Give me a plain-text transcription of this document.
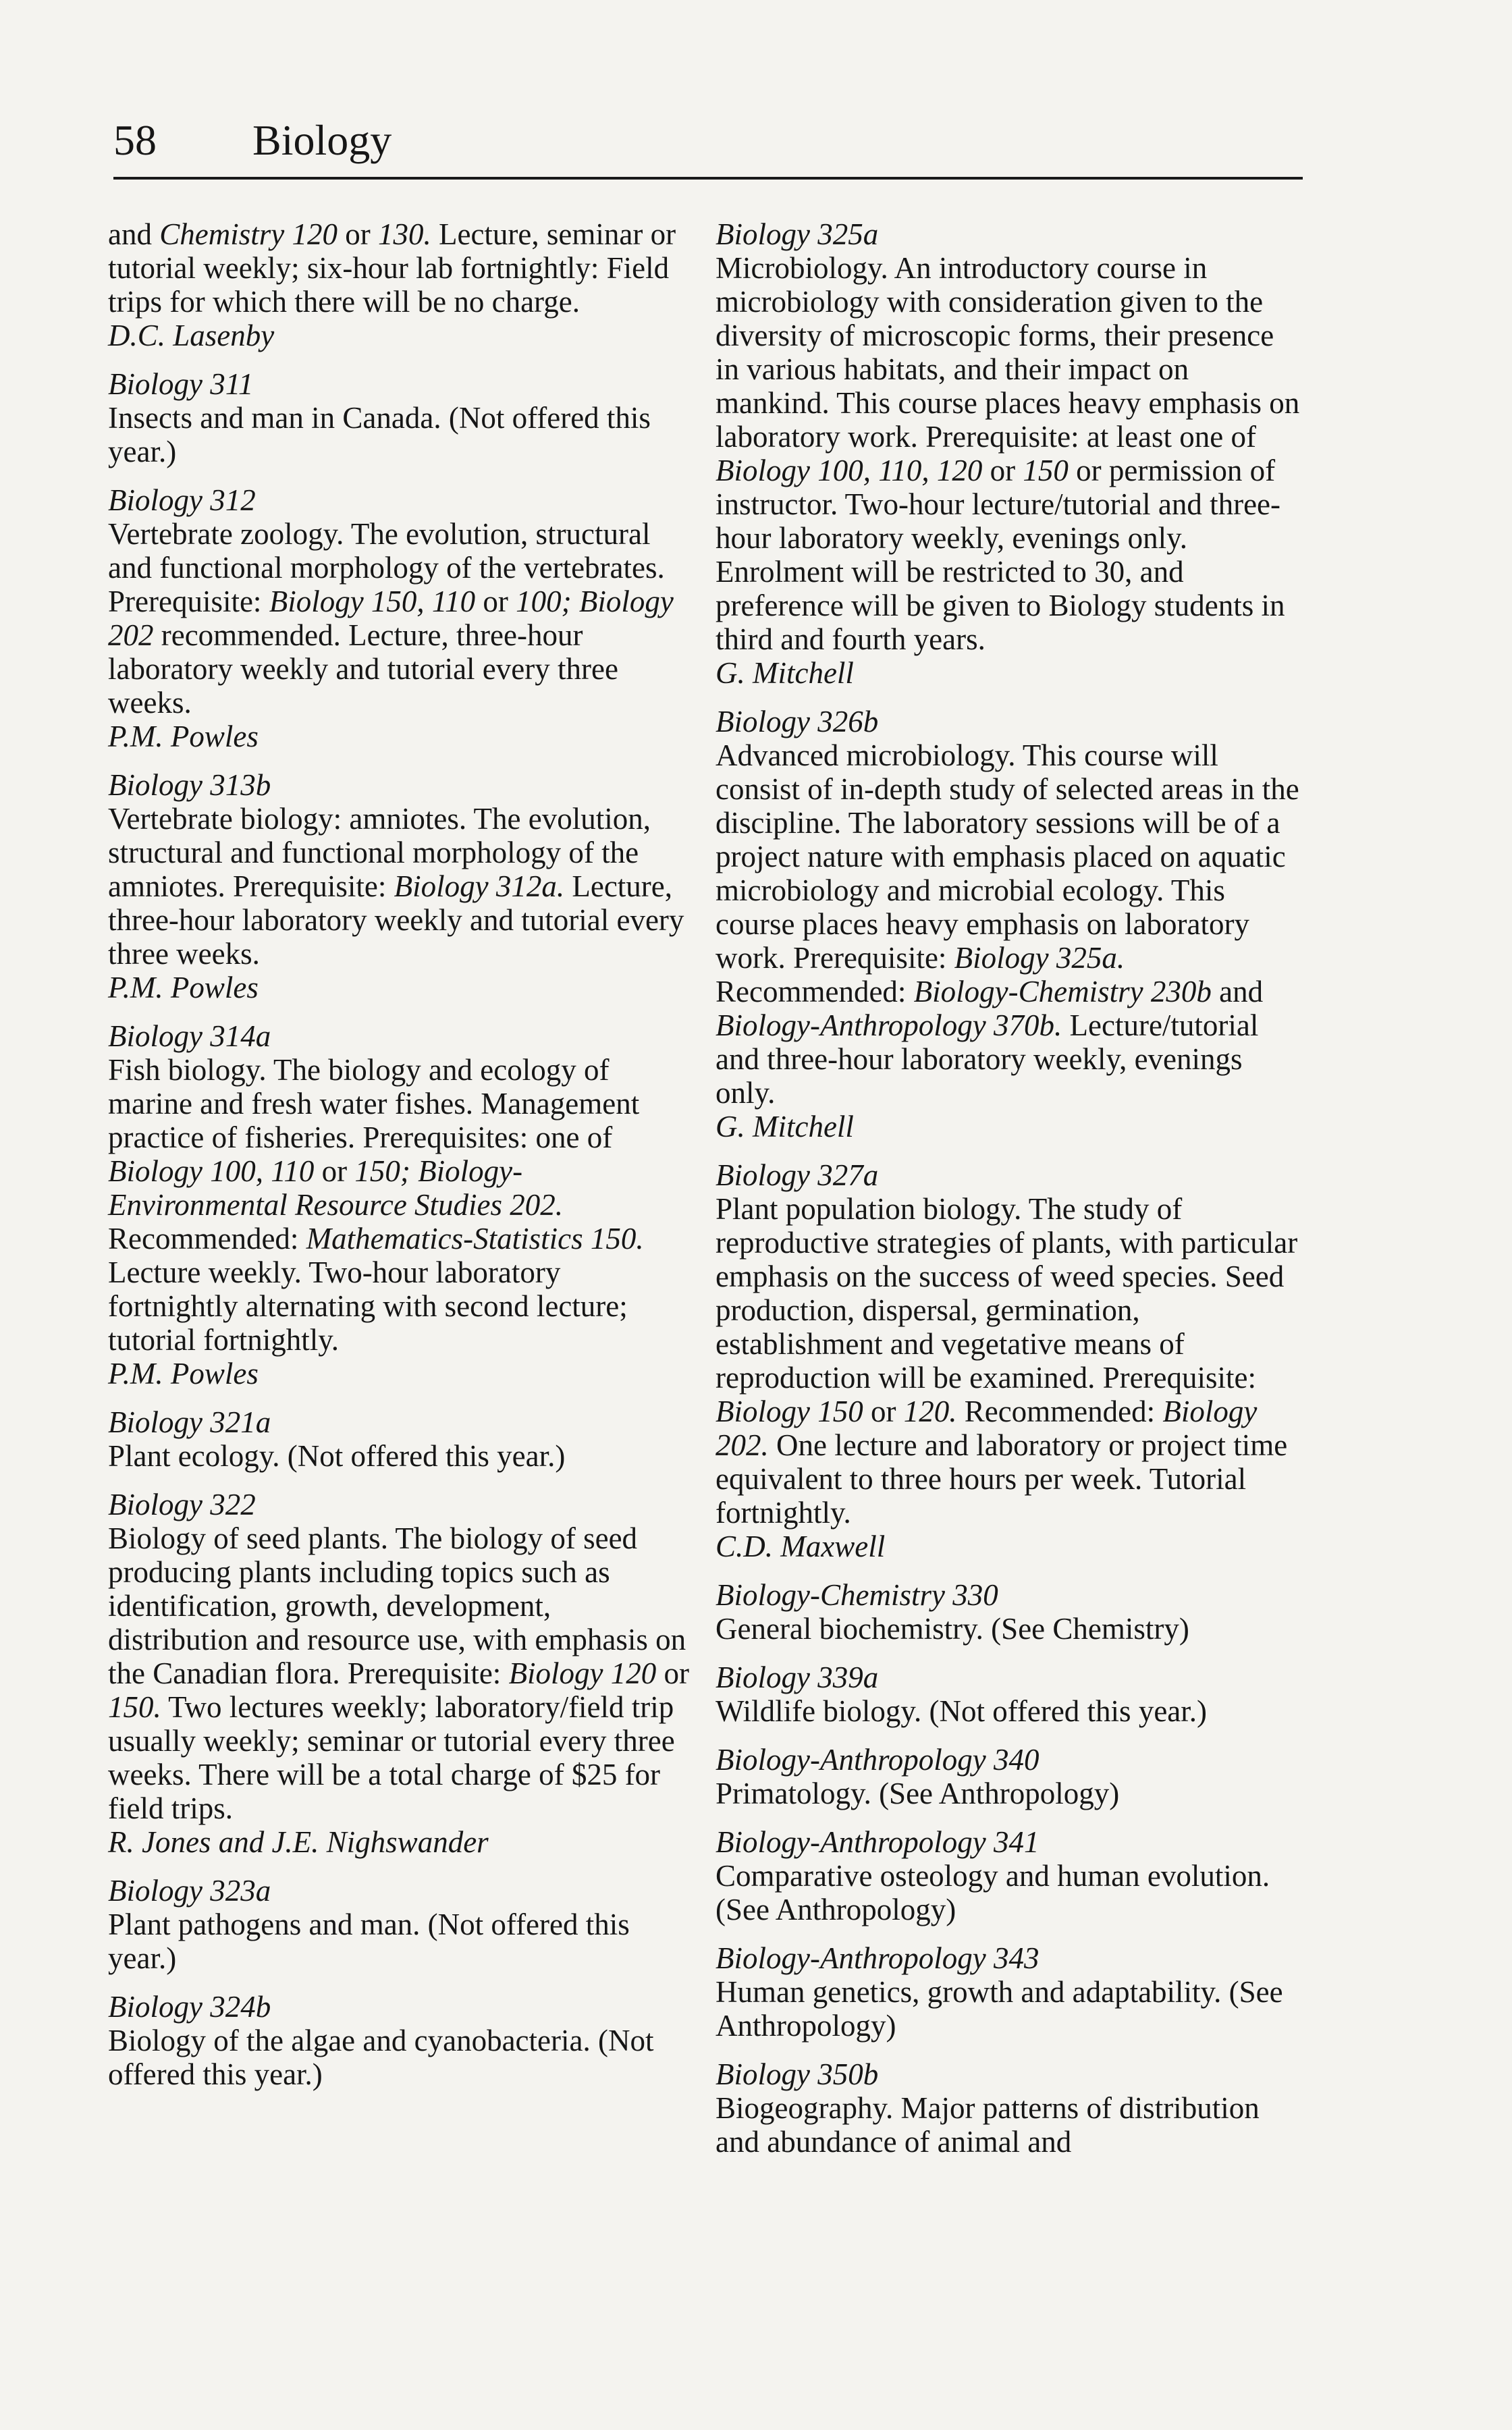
58 Biology
and Chemistry 120 or 130. Lecture, seminar or tutorial weekly; six-hour lab fortnightly: Field trips for which there will be no charge.
D.C. Lasenby
Biology 311
Insects and man in Canada. (Not offered this year.)
Biology 312
Vertebrate zoology. The evolution, structural and functional morphology of the vertebrates. Prerequisite: Biology 150, 110 or 100; Biology 202 recommended. Lecture, three-hour laboratory weekly and tutorial every three weeks.
P.M. Powles
Biology 313b
Vertebrate biology: amniotes. The evolution, structural and functional morphology of the amniotes. Prerequisite: Biology 312a. Lecture, three-hour laboratory weekly and tutorial every three weeks.
P.M. Powles
Biology 314a
Fish biology. The biology and ecology of marine and fresh water fishes. Management practice of fisheries. Prerequisites: one of Biology 100, 110 or 150; Biology-Environmental Resource Studies 202. Recommended: Mathematics-Statistics 150. Lecture weekly. Two-hour laboratory fortnightly alternating with second lecture; tutorial fortnightly.
P.M. Powles
Biology 321a
Plant ecology. (Not offered this year.)
Biology 322
Biology of seed plants. The biology of seed producing plants including topics such as identification, growth, development, distribution and resource use, with emphasis on the Canadian flora. Prerequisite: Biology 120 or 150. Two lectures weekly; laboratory/field trip usually weekly; seminar or tutorial every three weeks. There will be a total charge of $25 for field trips.
R. Jones and J.E. Nighswander
Biology 323a
Plant pathogens and man. (Not offered this year.)
Biology 324b
Biology of the algae and cyanobacteria. (Not offered this year.)
Biology 325a
Microbiology. An introductory course in microbiology with consideration given to the diversity of microscopic forms, their presence in various habitats, and their impact on mankind. This course places heavy emphasis on laboratory work. Prerequisite: at least one of Biology 100, 110, 120 or 150 or permission of instructor. Two-hour lecture/tutorial and three-hour laboratory weekly, evenings only. Enrolment will be restricted to 30, and preference will be given to Biology students in third and fourth years.
G. Mitchell
Biology 326b
Advanced microbiology. This course will consist of in-depth study of selected areas in the discipline. The laboratory sessions will be of a project nature with emphasis placed on aquatic microbiology and microbial ecology. This course places heavy emphasis on laboratory work. Prerequisite: Biology 325a. Recommended: Biology-Chemistry 230b and Biology-Anthropology 370b. Lecture/tutorial and three-hour laboratory weekly, evenings only.
G. Mitchell
Biology 327a
Plant population biology. The study of reproductive strategies of plants, with particular emphasis on the success of weed species. Seed production, dispersal, germination, establishment and vegetative means of reproduction will be examined. Prerequisite: Biology 150 or 120. Recommended: Biology 202. One lecture and laboratory or project time equivalent to three hours per week. Tutorial fortnightly.
C.D. Maxwell
Biology-Chemistry 330
General biochemistry. (See Chemistry)
Biology 339a
Wildlife biology. (Not offered this year.)
Biology-Anthropology 340
Primatology. (See Anthropology)
Biology-Anthropology 341
Comparative osteology and human evolution. (See Anthropology)
Biology-Anthropology 343
Human genetics, growth and adaptability. (See Anthropology)
Biology 350b
Biogeography. Major patterns of distribution and abundance of animal and
